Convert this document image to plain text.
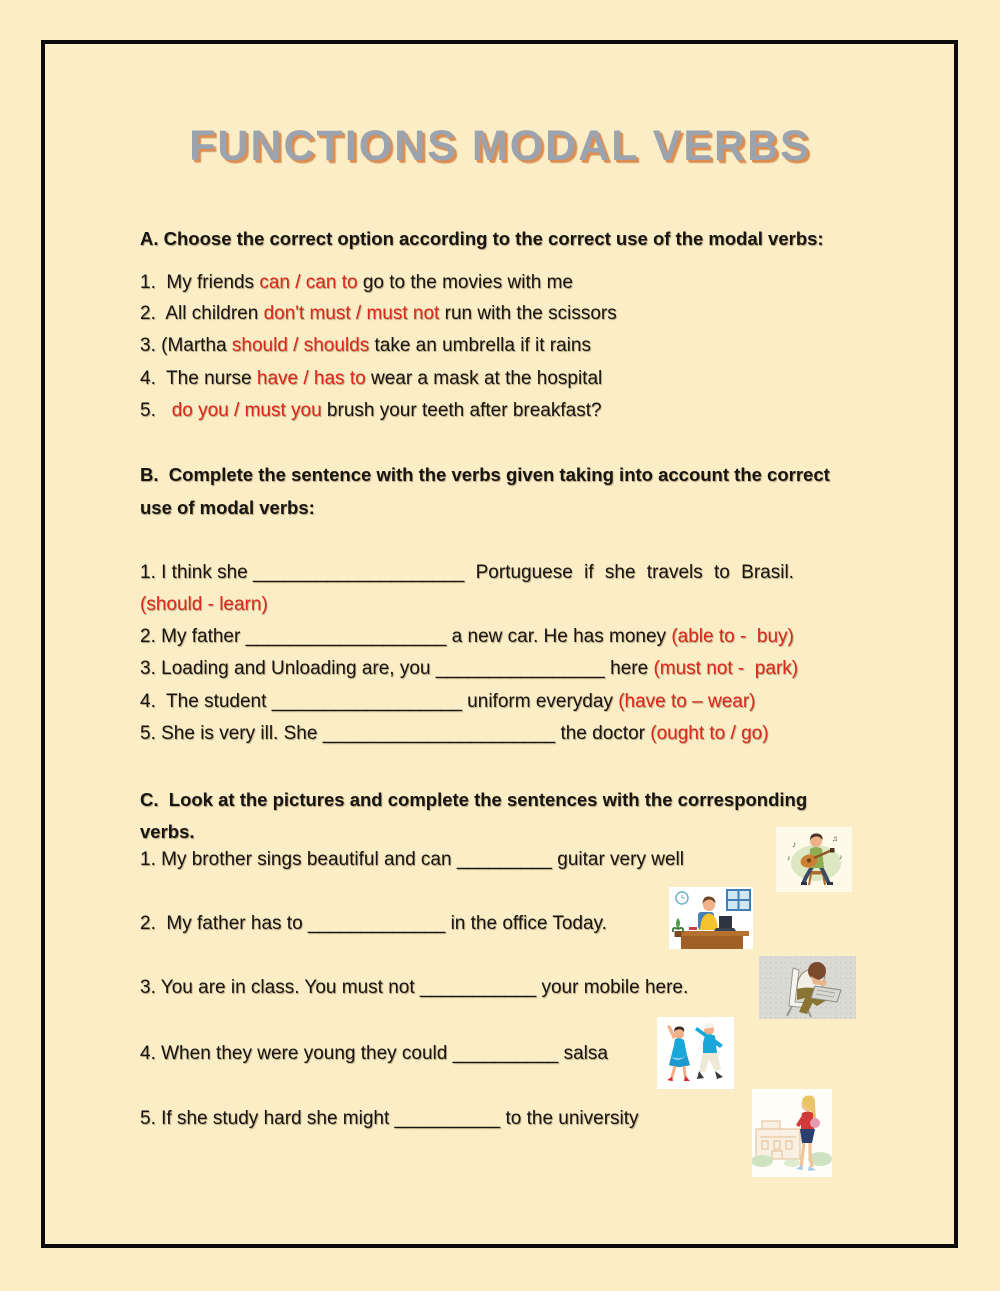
FUNCTIONS MODAL VERBS
A. Choose the correct option according to the correct use of the modal verbs:
1.  My friends can / can to go to the movies with me
2.  All children don't must / must not run with the scissors
3. (Martha should / shoulds take an umbrella if it rains
4.  The nurse have / has to wear a mask at the hospital
5.   do you / must you brush your teeth after breakfast?
B.  Complete the sentence with the verbs given taking into account the correct
use of modal verbs:
1. I think she ____________________ Portuguese if she travels to Brasil.
(should - learn)
2. My father ___________________ a new car. He has money (able to -  buy)
3. Loading and Unloading are, you ________________ here (must not -  park)
4.  The student __________________ uniform everyday (have to – wear)
5. She is very ill. She ______________________ the doctor (ought to / go)
C.  Look at the pictures and complete the sentences with the corresponding
verbs.
1. My brother sings beautiful and can _________ guitar very well
2.  My father has to _____________ in the office Today.
3. You are in class. You must not ___________ your mobile here.
4. When they were young they could __________ salsa
5. If she study hard she might __________ to the university
♪
♫
♪	♪
